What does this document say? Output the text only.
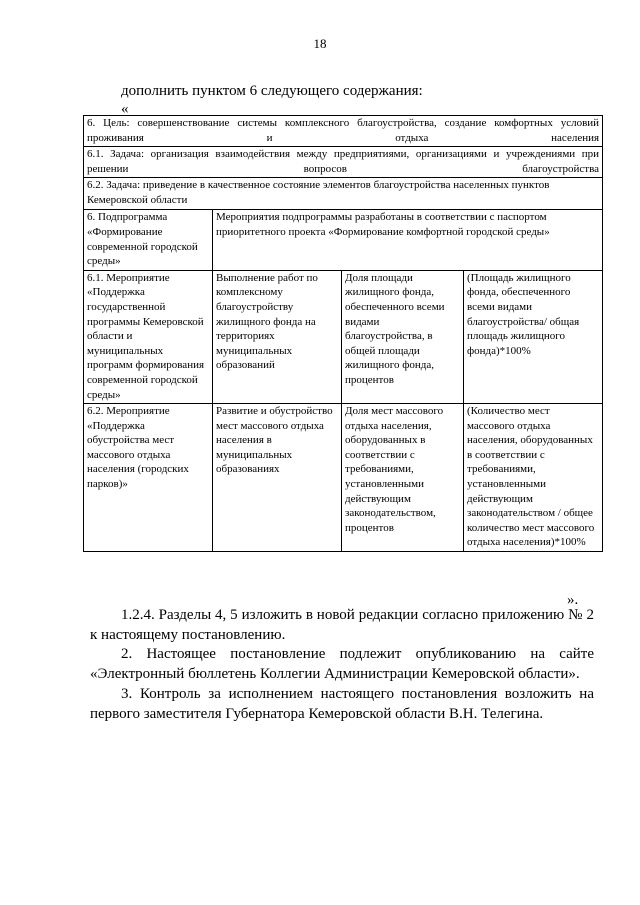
18
дополнить пунктом 6 следующего содержания:
«
6. Цель: совершенствование системы комплексного благоустройства, создание комфортных условий проживания и отдыха населения			
6.1. Задача: организация взаимодействия между предприятиями, организациями и учреждениями при решении вопросов благоустройства			
6.2. Задача: приведение в качественное состояние элементов благоустройства населенных пунктов Кемеровской области			
6. Подпрограмма «Формирование современной городской среды»	Мероприятия подпрограммы разработаны в соответствии с паспортом приоритетного проекта «Формирование комфортной городской среды»		
6.1. Мероприятие «Поддержка государственной программы Кемеровской области и муниципальных программ формирования современной городской среды»	Выполнение работ по комплексному благоустройству жилищного фонда на территориях муниципальных образований	Доля площади жилищного фонда, обеспеченного всеми видами благоустройства, в общей площади жилищного фонда, процентов	(Площадь жилищного фонда, обеспеченного всеми видами благоустройства/ общая площадь жилищного фонда)*100%
6.2. Мероприятие «Поддержка обустройства мест массового отдыха населения (городских парков)»	Развитие и обустройство мест массового отдыха населения в муниципальных образованиях	Доля мест массового отдыха населения, оборудованных в соответствии с требованиями, установленными действующим законодательством, процентов	(Количество мест массового отдыха населения, оборудованных в соответствии с требованиями, установленными действующим законодательством / общее количество мест массового отдыха населения)*100%
».

1.2.4. Разделы 4, 5 изложить в новой редакции согласно приложению № 2 к настоящему постановлению.

2. Настоящее постановление подлежит опубликованию на сайте «Электронный бюллетень Коллегии Администрации Кемеровской области».

3. Контроль за исполнением настоящего постановления возложить на первого заместителя Губернатора Кемеровской области В.Н. Телегина.
